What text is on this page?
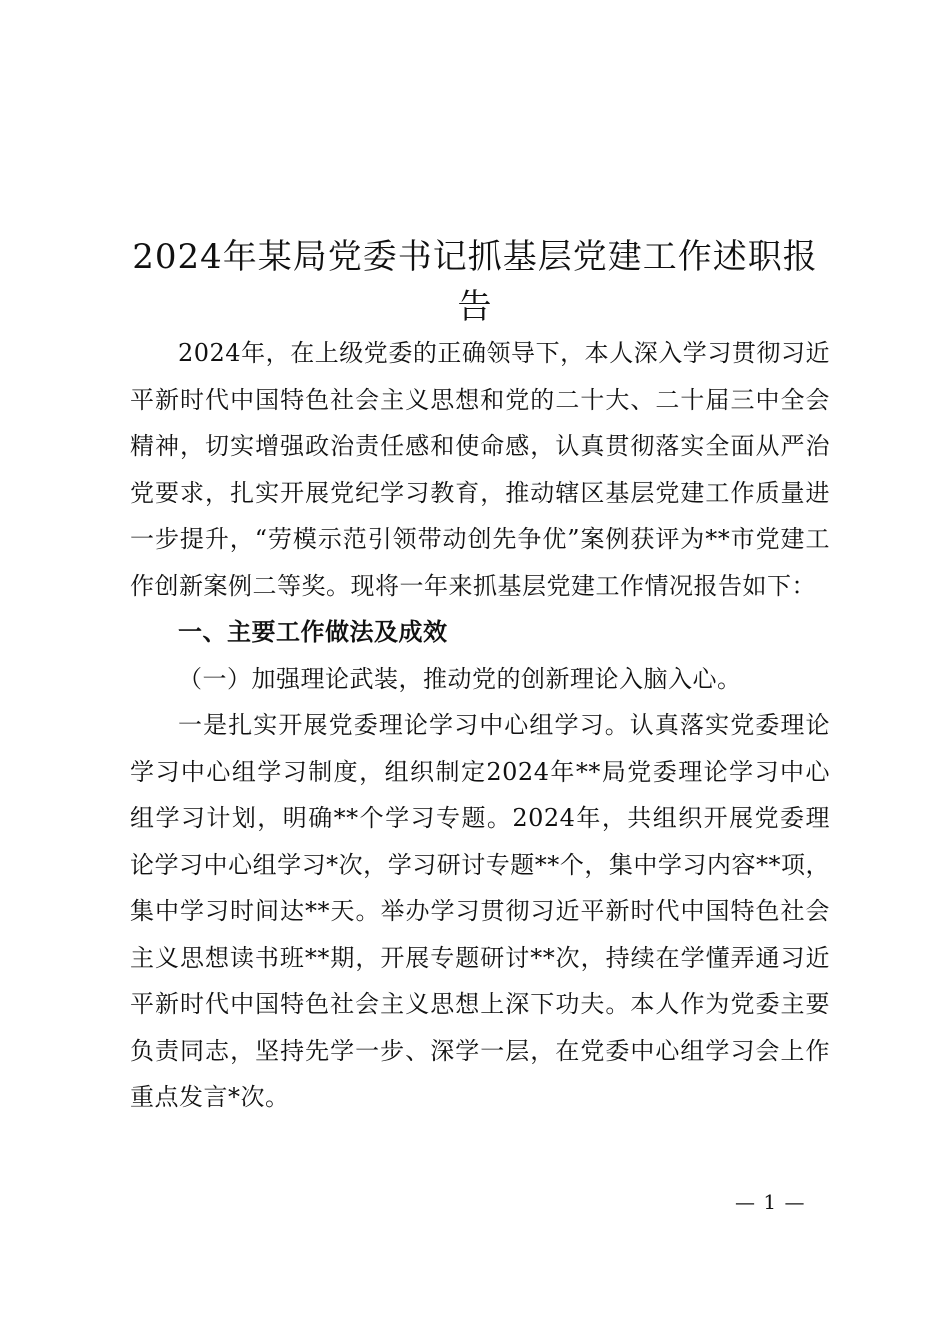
2024年某局党委书记抓基层党建工作述职报告

2024年，在上级党委的正确领导下，本人深入学习贯彻习近平新时代中国特色社会主义思想和党的二十大、二十届三中全会精神，切实增强政治责任感和使命感，认真贯彻落实全面从严治党要求，扎实开展党纪学习教育，推动辖区基层党建工作质量进一步提升，“劳模示范引领带动创先争优”案例获评为**市党建工作创新案例二等奖。现将一年来抓基层党建工作情况报告如下：

一、主要工作做法及成效

（一）加强理论武装，推动党的创新理论入脑入心。

一是扎实开展党委理论学习中心组学习。认真落实党委理论学习中心组学习制度，组织制定2024年**局党委理论学习中心组学习计划，明确**个学习专题。2024年，共组织开展党委理论学习中心组学习*次，学习研讨专题**个，集中学习内容**项，集中学习时间达**天。举办学习贯彻习近平新时代中国特色社会主义思想读书班**期，开展专题研讨**次，持续在学懂弄通习近平新时代中国特色社会主义思想上深下功夫。本人作为党委主要负责同志，坚持先学一步、深学一层，在党委中心组学习会上作重点发言*次。

— 1 —
